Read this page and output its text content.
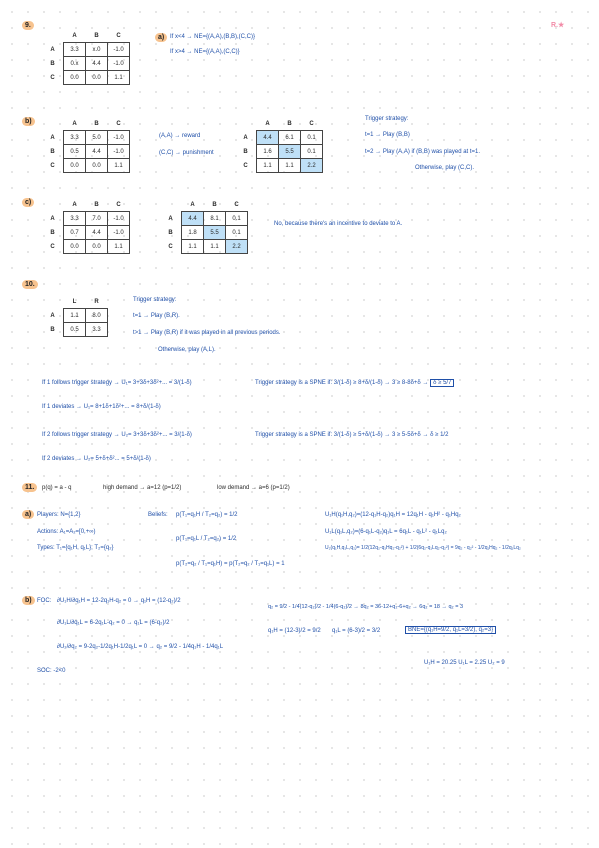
R.★
9.
	A	B	C
A	3.3	x.0	-1.0
B	0.x	4.4	-1.0
C	0.0	0.0	1.1
a) If x<4 → NE={(A,A),(B,B),(C,C)}
If x>4 → NE={(A,A),(C,C)}
b)
		A	B	C
A	3.3	5.0	-1.0
B	0.5	4.4	-1.0
C	0.0	0.0	1.1
(A,A) → reward
(C,C) → punishment
	A	B	C
A	4.4	6.1	0.1
B	1.6	5.5	0.1
C	1.1	1.1	2.2
Trigger strategy:
t=1 → Play (B,B)
t=2 → Play (A,A) if (B,B) was played at t=1.
Otherwise, play (C,C).
c)
		A	B	C
A	3.3	7.0	-1.0
B	0.7	4.4	-1.0
C	0.0	0.0	1.1
	A	B	C
A	4.4	8.1	0.1
B	1.8	5.5	0.1
C	1.1	1.1	2.2
No, because there's an incentive to deviate to A.
10.
	L	R
A	1.1	8.0
B	0.5	3.3
Trigger strategy:
t=1 → Play (B,R).
t>1 → Play (B,R) if it was played in all previous periods.
Otherwise, play (A,L).
If 1 follows trigger strategy → U₁= 3+3δ+3δ²+... = 3/(1-δ)	Trigger strategy is a SPNE if: 3/(1-δ) ≥ 8+δ/(1-δ) → 3 ≥ 8-8δ+δ → δ ≥ 5/7
If 1 deviates → U₁= 8+1δ+1δ²+... = 8+δ/(1-δ)
If 2 follows trigger strategy → U₂= 3+3δ+3δ²+... = 3/(1-δ)	Trigger strategy is a SPNE if: 3/(1-δ) ≥ 5+δ/(1-δ) → 3 ≥ 5-5δ+δ → δ ≥ 1/2
If 2 deviates → U₂= 5+δ+δ²... = 5+δ/(1-δ)
11.	p(q) = a - q	high demand → a=12 (p=1/2)	low demand → a=6 (p=1/2)
a) Players: N={1,2}
Actions: A₁=A₂=[0,+∞)
Types: T₁={q₁H, q₁L}; T₂={q₂}
Beliefs: p(T₁=q₁H / T₂=q₂) = 1/2
p(T₁=q₁L / T₂=q₂) = 1/2
p(T₂=q₂ / T₁=q₁H) = p(T₂=q₂ / T₁=q₁L) = 1
U₁H(q₁H,q₂)=(12-q₁H-q₂)q₁H = 12q₁H - q₁H² - q₁Hq₂
U₁L(q₁L,q₂)=(6-q₁L-q₂)q₁L = 6q₁L - q₁L² - q₁Lq₂
U₂(q₁H,q₁L,q₂)= 1/2(12q₂-q₁Hq₂-q₂²) + 1/2(6q₂-q₁Lq₂-q₂²) = 9q₂ - q₂² - 1/2q₁Hq₂ - 1/2q₁Lq₂
b) FOC: ∂U₁H/∂q₁H = 12-2q₁H-q₂ = 0 → q₁H = (12-q₂)/2
∂U₁L/∂q₁L = 6-2q₁L-q₂ = 0 → q₁L = (6-q₂)/2
∂U₂/∂q₂ = 9-2q₂-1/2q₁H-1/2q₁L = 0 → q₂ = 9/2 - 1/4q₁H - 1/4q₁L
SOC: -2<0
q₂ = 9/2 - 1/4(12-q₂)/2 - 1/4(6-q₂)/2 → 8q₂ = 36-12+q₂-6+q₂ → 6q₂ = 18 → q₂ = 3
q₁H = (12-3)/2 = 9/2 q₁L = (6-3)/2 = 3/2	BNE={(q₁H=9/2, q₁L=3/2), q₂=3}
U₁H = 20.25 U₁L = 2.25 U₂ = 9
